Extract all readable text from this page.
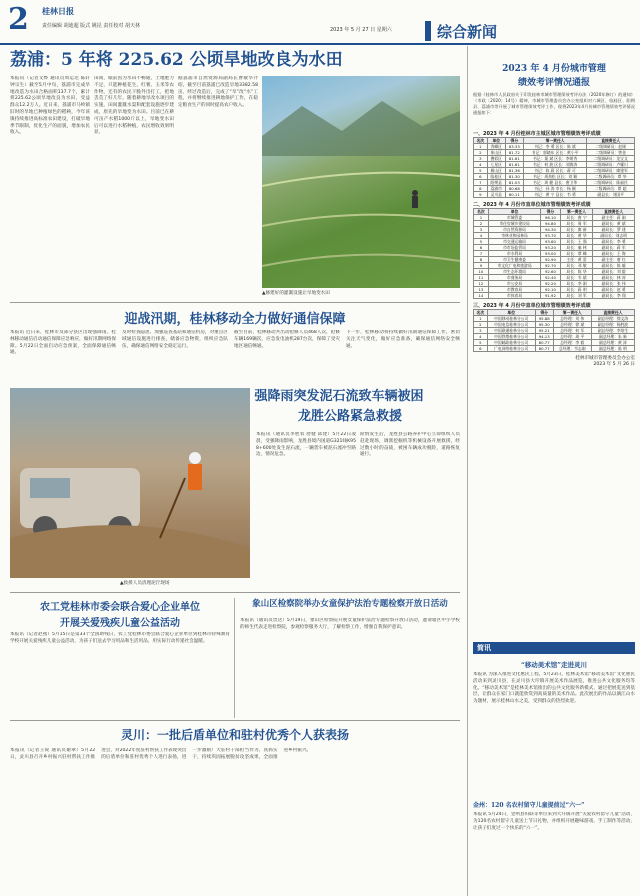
2 桂林日报
责任编辑 胡迪超 版式 姚昆 责任校对 胡天林
2023 年 5 月 27 日 星期六	综合新闻
荔浦：5 年将 225.62 公顷旱地改良为水田
本报讯（记者文烨 通讯员周运达 陈轩 钟宗生）截至5月中旬，荔浦市完成旱地改造为水田合格面积137.7个，累计将225.62公顷旱地改良为水田，受益群众12.2万人。近日来，荔浦市马岭镇旧时的旱地已种植绿色的稻秧，今年该镇持续推进高标准农田建设，打破旱地季节限制，优化生产的面貌，增加农民收入。
田间，眼前因为水田不畅通，土地肥力不足，只能种植花生、红薯、玉米等农作物，还有的农民干脆外出打工，把地丢荒了好几年。随着耕地旱改水项目的实施，田间灌溉水渠和配套设施逐步建成，原先的旱地变为水田。目前已在耕可亩产水稻1000斤以上，旱地变水田后可以进行水稻种植，农民增收效果明显。
据荔浦市自然资源局副局长曹敏华介绍，截至目前荔浦已改造旱地3382.58亩，经过改造后，完成了“旱”改“水”工程，并将继续推进耕地保护工作，在稳定粮食生产的同时提高农户收入。
▲修建好的灌溉设施让旱地变水田
迎战汛期，桂林移动全力做好通信保障
本报讯 近日来，桂林市及部分县区出现强降雨，桂林移动通信启动通信保障应急响应，做好汛期网络保障。5月22日全面启动应急预案，全面保障通信畅通。
及时检查隐患，加强巡查基站和通信机房，对重点区域通信设施进行排查，储备应急物资，组织应急队伍，确保通信网络安全稳定运行。
截至目前，桂林移动共出动抢修人员468人次，抢修车辆169辆次，应急发电油机287台次，保障了受灾地区通信畅通。
下一步，桂林移动将持续做好汛期通信保障工作，密切关注天气变化，做好应急准备，确保通信网络安全畅通。
▲救援人员清理泥泞现场
强降雨突发泥石流致车辆被困
龙胜公路紧急救援
本报讯（通讯员李胜农 舒健 邱建）5月22日凌晨，受强降雨影响，龙胜县境内国道G321线K958+600处发生泥石流，一辆货车被泥石流冲至路边，情况危急。
险情发生后，龙胜县公路养护中心立即组织人员赶赴现场，调派挖掘机等机械设备开展救援，经过数小时的奋战，被困车辆成功脱险，道路恢复通行。
农工党桂林市委会联合爱心企业单位
开展关爱残疾儿童公益活动
本报讯（记者赵燕）5月15日是第33个全国助残日，农工党桂林市委会联合爱心企业单位到桂林市特殊教育学校开展关爱残疾儿童公益活动，为孩子们送去学习用品和生活用品，用实际行动传递社会温暖。
象山区检察院举办女童保护法治专题检察开放日活动
本报讯（通讯员贵达）5月19日，象山区检察院开展女童保护法治专题检察开放日活动，邀请辖区中小学校的师生代表走进检察院，参观检察服务大厅，了解检察工作，增强自我保护意识。
灵川：一批后盾单位和驻村优秀个人获表扬
本报讯（记者王锐 通讯员谢翠）5月22日，灵川县召开乡村振兴驻村帮扶工作推进会，对2022年度驻村帮扶工作表现突出的后盾单位和驻村优秀个人进行表扬，进一步激励广大驻村干部担当作为、真抓实干，持续巩固拓展脱贫攻坚成果，全面推进乡村振兴。
2023 年 4 月份城市管理
绩效考评情况通报
根据《桂林市人民政府关于印发桂林市城市管理绩效考评办法（2020年修订）的通知》（市政〔2020〕14号）精神，市城市管理委员会办公室组织对六城区、临桂区、阳朔县、荔浦市等开展了城市管理绩效考评工作，现将2023年4月份城市管理绩效考评情况通报如下：
一、2023 年 4 月份桂林市主城区城市管理绩效考评成绩
名次	单位	得分	第一责任人	直接责任人
1	秀峰区	83.33	书记：李 勇 区长：陈 斌	二级调研员：赵刚
2	象山区	81.72	书记：郭晓东 区长：黄小平	二级调研员：曾金
3	叠彩区	81.61	书记：粟 斌 区长：李炳秀	二级调研员：龙宝文
4	七星区	81.61	书记：何 波 区长：刘海涛	二级调研员：卢耀川
5	雁山区	81.36	书记：陈 蔚 区长：蒋 可	二级调研员：廖建军
6	临桂区	81.30	书记：周劲松 区长：刘 颖	二级调研员：覃 华
7	阳朔县	81.03	书记：周 健 县长：唐卫华	二级调研员：陈福民
8	荔浦市	80.68	书记：孙 涛 市长：杨 颖	二级调研员：覃 超
9	灵川县	80.11	书记：黄 宁 县长：韦 勇	副县长：刘国平
二、2023 年 4 月份市直单位城市管理绩效考评成绩
名次	单位	得分	第一责任人	直接责任人
1	市城管委	96.10	局长：唐 宁	副主任：蒋 刚
2	市住房城乡建设局	94.80	局长：周 军	副局长：黄 斌
3	市自然资源局	94.30	局长：廖 新	副局长：罗 建
4	市林业和园林局	93.70	局长：黄 华	副局长：刘志明
5	市交通运输局	93.60	局长：王 强	副局长：李 勇
6	市市场监管局	93.20	局长：秦 林	副局长：蒋 军
7	市水利局	93.00	局长：覃 峰	副局长：王 海
8	市卫生健康委	92.90	主任：黄 雷	副主任：唐 红
9	市文化广电和旅游局	92.70	局长：邓 敏	副局长：陈 雄
10	市生态环境局	92.60	局长：陈 华	副局长：刘 毅
11	市商务局	92.40	局长：韦 斌	副局长：林 涛
12	市公安局	92.20	局长：李 刚	副局长：张 伟
13	市教育局	92.10	局长：蒋 明	副局长：赵 勇
14	市体育局	91.92	局长：刘 军	副局长：李 翔
三、2023 年 4 月份中直单位城市管理绩效考评成绩
名次	单位	得分	第一责任人	直接责任人
1	中国移动桂林分公司	95.88	总经理：刘 伟	副总经理：徐文涛
2	中国电信桂林分公司	95.30	总经理：徐 斌	副总经理：杨胜波
3	中国联通桂林分公司	95.21	总经理：何 军	副总经理：李培生
4	中国铁塔桂林分公司	94.13	总经理：周 平	副总经理：朱 新
5	中国邮政桂林分公司	80.77	总经理：李 毅	副总经理：黄 涛
6	广电网络桂林分公司	80.77	总经理：韦志刚	副总经理：陈 明
桂林市城市管理委员会办公室
2023 年 5 月 26 日
简讯
“移动美术馆”走进灵川
本报讯 为深入推进文化惠民工程，5月23日，桂林美术馆“移动美术馆”文化惠民活动来到灵川县，在灵川县大圩镇开展美术作品展览，推进公共文化服务均等化。“移动美术馆”是桂林美术馆推出的公共文化服务新模式，通过把展览送到基层，让群众在家门口就能欣赏到高质量的美术作品。此次展出的作品以漓江山水为题材，展示桂林山水之美，受到群众的热烈欢迎。
金州：120 名农村留守儿童提前过“六一”
本报讯 5月24日，金州县妇联等单位来到大圩镇开展“关爱农村留守儿童”活动，为120名农村留守儿童送上节日礼物，并组织开展趣味游戏、手工制作等活动，让孩子们度过一个快乐的“六一”。
